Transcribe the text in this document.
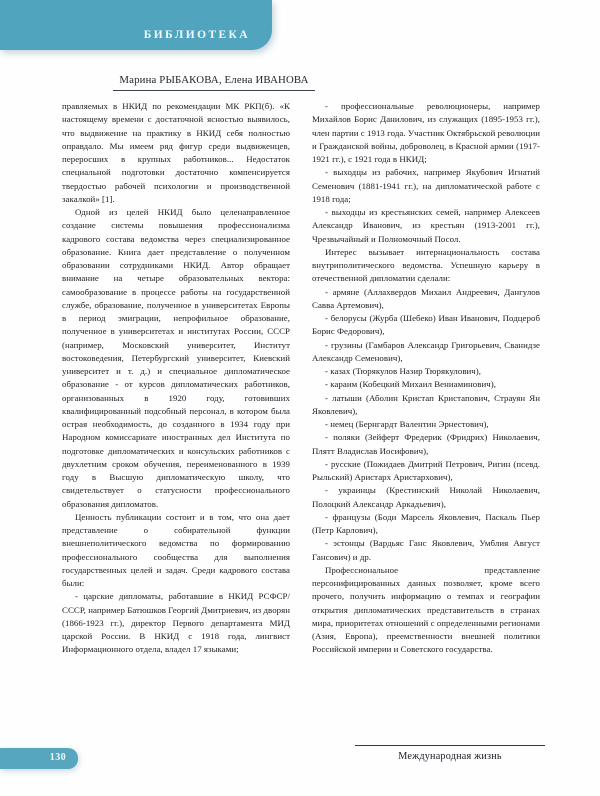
БИБЛИОТЕКА
Марина РЫБАКОВА, Елена ИВАНОВА

правляемых в НКИД по рекомендации МК РКП(б). «К настоящему времени с достаточной ясностью выявилось, что выдвижение на практику в НКИД себя полностью оправдало. Мы имеем ряд фигур среди выдвиженцев, переросших в крупных работников... Недостаток специальной подготовки достаточно компенсируется твердостью рабочей психологии и производственной закалкой» [1].

Одной из целей НКИД было целенаправленное создание системы повышения профессионализма кадрового состава ведомства через специализированное образование. Книга дает представление о полученном образовании сотрудниками НКИД. Автор обращает внимание на четыре образовательных вектора: самообразование в процессе работы на государственной службе, образование, полученное в университетах Европы в период эмиграции, непрофильное образование, полученное в университетах и институтах России, СССР (например, Московский университет, Институт востоковедения, Петербургский университет, Киевский университет и т. д.) и специальное дипломатическое образование - от курсов дипломатических работников, организованных в 1920 году, готовивших квалифицированный подсобный персонал, в котором была острая необходимость, до созданного в 1934 году при Народном комиссариате иностранных дел Института по подготовке дипломатических и консульских работников с двухлетним сроком обучения, переименованного в 1939 году в Высшую дипломатическую школу, что свидетельствует о статусности профессионального образования дипломатов.

Ценность публикации состоит и в том, что она дает представление о собирательной функции внешнеполитического ведомства по формированию профессионального сообщества для выполнения государственных целей и задач. Среди кадрового состава были:

- царские дипломаты, работавшие в НКИД РСФСР/СССР, например Батюшков Георгий Дмитриевич, из дворян (1866-1923 гг.), директор Первого департамента МИД царской России. В НКИД с 1918 года, лингвист Информационного отдела, владел 17 языками;

- профессиональные революционеры, например Михайлов Борис Данилович, из служащих (1895-1953 гг.), член партии с 1913 года. Участник Октябрьской революции и Гражданской войны, доброволец, в Красной армии (1917-1921 гг.), с 1921 года в НКИД;

- выходцы из рабочих, например Якубович Игнатий Семенович (1881-1941 гг.), на дипломатической работе с 1918 года;

- выходцы из крестьянских семей, например Алексеев Александр Иванович, из крестьян (1913-2001 гг.), Чрезвычайный и Полномочный Посол.

Интерес вызывает интернациональность состава внутриполитического ведомства. Успешную карьеру в отечественной дипломатии сделали:

- армяне (Аллахвердов Михаил Андреевич, Дангулов Савва Артемович),

- белорусы (Журба (Шебеко) Иван Иванович, Подцероб Борис Федорович),

- грузины (Гамбаров Александр Григорьевич, Сванидзе Александр Семенович),

- казах (Тюрякулов Назир Тюрякулович),

- караим (Кобецкий Михаил Вениаминович),

- латыши (Аболин Кристап Кристапович, Страуян Ян Яковлевич),

- немец (Бернгардт Валентин Эрнестович),

- поляки (Зейферт Фредерик (Фридрих) Николаевич, Плятт Владислав Иосифович),

- русские (Пожидаев Дмитрий Петрович, Ригин (псевд. Рыльский) Аристарх Аристархович),

- украинцы (Крестинский Николай Николаевич, Полоцкий Александр Аркадьевич),

- французы (Боди Марсель Яковлевич, Паскаль Пьер (Петр Карлович),

- эстонцы (Вардьяс Ганс Яковлевич, Умблия Август Гансович) и др.

Профессиональное представление персонифицированных данных позволяет, кроме всего прочего, получить информацию о темпах и географии открытия дипломатических представительств в странах мира, приоритетах отношений с определенными регионами (Азия, Европа), преемственности внешней политики Российской империи и Советского государства.

130	Международная жизнь
